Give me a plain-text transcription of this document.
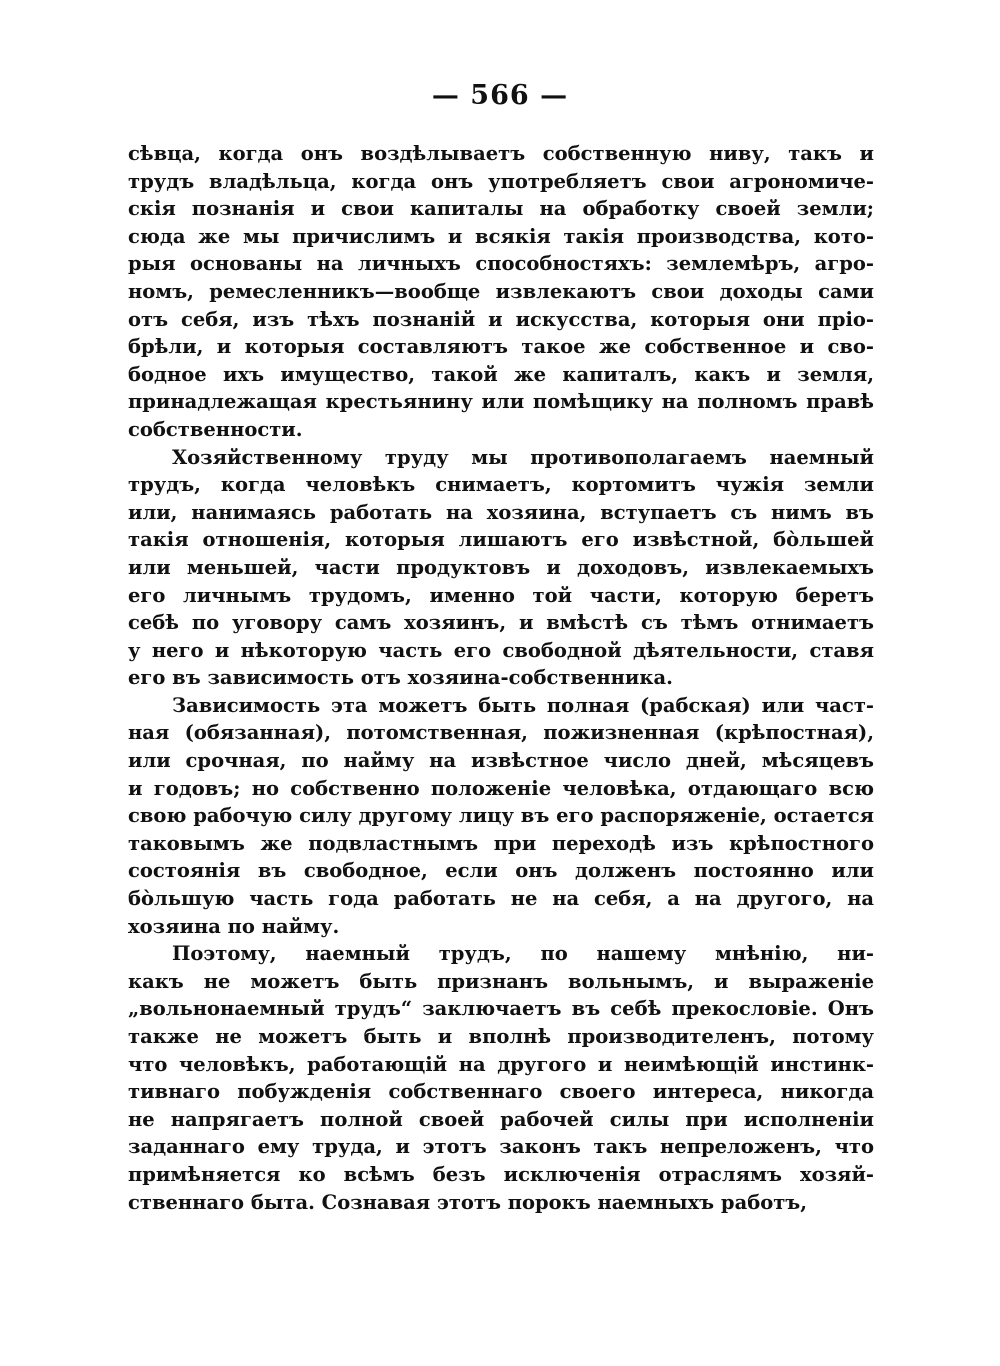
— 566 —
сѣвца, когда онъ воздѣлываетъ собственную ниву, такъ и
трудъ владѣльца, когда онъ употребляетъ свои агрономиче-
скія познанія и свои капиталы на обработку своей земли;
сюда же мы причислимъ и всякія такія производства, кото-
рыя основаны на личныхъ способностяхъ: землемѣръ, агро-
номъ, ремесленникъ—вообще извлекаютъ свои доходы сами
отъ себя, изъ тѣхъ познаній и искусства, которыя они пріо-
брѣли, и которыя составляютъ такое же собственное и сво-
бодное ихъ имущество, такой же капиталъ, какъ и земля,
принадлежащая крестьянину или помѣщику на полномъ правѣ
собственности.
Хозяйственному труду мы противополагаемъ наемный
трудъ, когда человѣкъ снимаетъ, кортомитъ чужія земли
или, нанимаясь работать на хозяина, вступаетъ съ нимъ въ
такія отношенія, которыя лишаютъ его извѣстной, бо̀льшей
или меньшей, части продуктовъ и доходовъ, извлекаемыхъ
его личнымъ трудомъ, именно той части, которую беретъ
себѣ по уговору самъ хозяинъ, и вмѣстѣ съ тѣмъ отнимаетъ
у него и нѣкоторую часть его свободной дѣятельности, ставя
его въ зависимость отъ хозяина-собственника.
Зависимость эта можетъ быть полная (рабская) или част-
ная (обязанная), потомственная, пожизненная (крѣпостная),
или срочная, по найму на извѣстное число дней, мѣсяцевъ
и годовъ; но собственно положеніе человѣка, отдающаго всю
свою рабочую силу другому лицу въ его распоряженіе, остается
таковымъ же подвластнымъ при переходѣ изъ крѣпостного
состоянія въ свободное, если онъ долженъ постоянно или
бо̀льшую часть года работать не на себя, а на другого, на
хозяина по найму.
Поэтому, наемный трудъ, по нашему мнѣнію, ни-
какъ не можетъ быть признанъ вольнымъ, и выраженіе
„вольнонаемный трудъ“ заключаетъ въ себѣ прекословіе. Онъ
также не можетъ быть и вполнѣ производителенъ, потому
что человѣкъ, работающій на другого и неимѣющій инстинк-
тивнаго побужденія собственнаго своего интереса, никогда
не напрягаетъ полной своей рабочей силы при исполненіи
заданнаго ему труда, и этотъ законъ такъ непреложенъ, что
примѣняется ко всѣмъ безъ исключенія отраслямъ хозяй-
ственнаго быта. Сознавая этотъ порокъ наемныхъ работъ,
